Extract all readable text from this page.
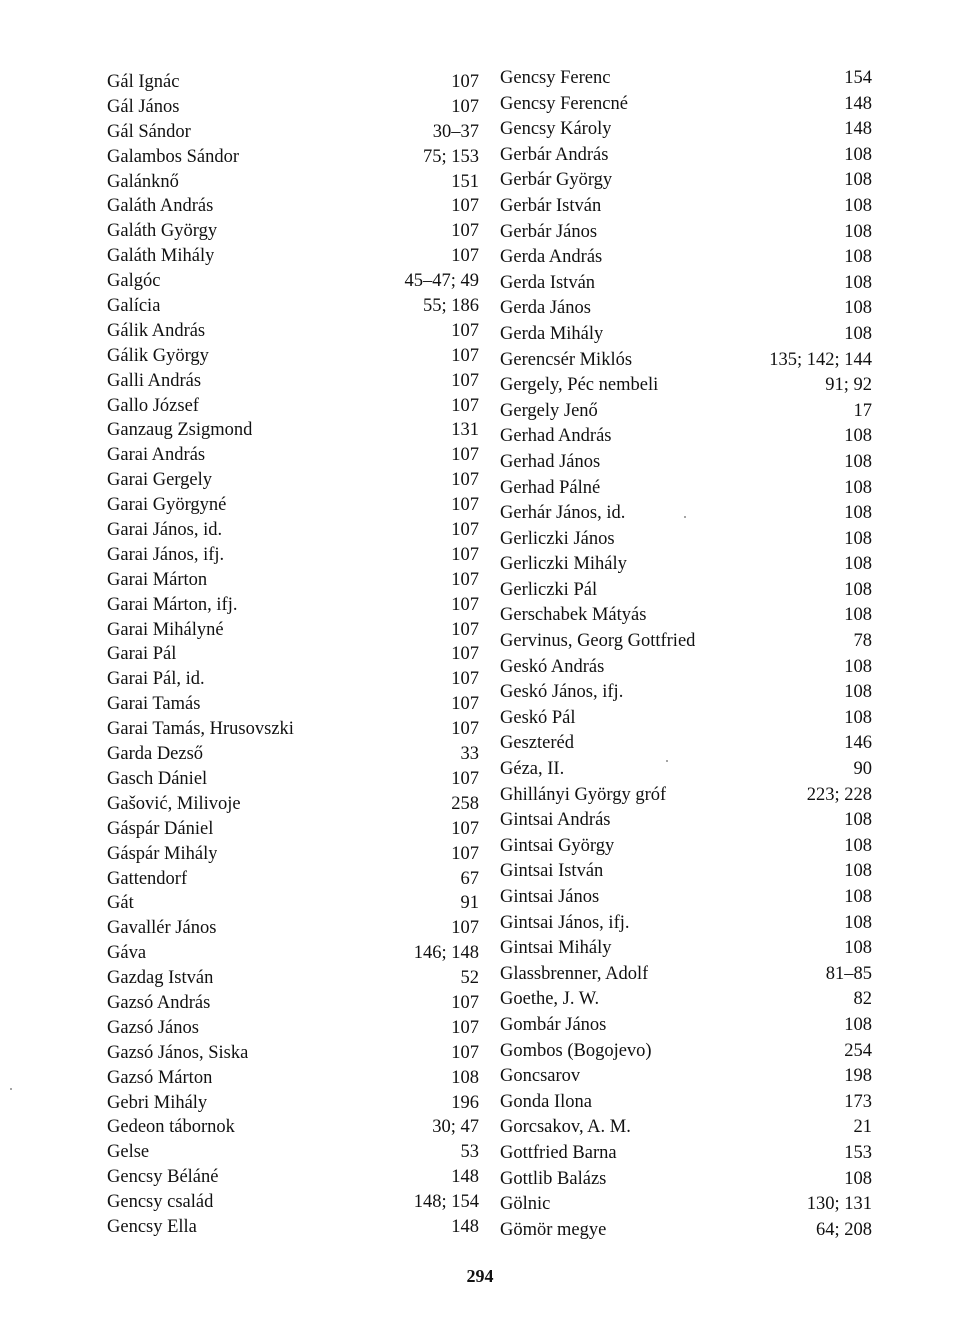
Gál Ignác	107
Gál János	107
Gál Sándor	30–37
Galambos Sándor	75; 153
Galánknő	151
Galáth András	107
Galáth György	107
Galáth Mihály	107
Galgóc	45–47; 49
Galícia	55; 186
Gálik András	107
Gálik György	107
Galli András	107
Gallo József	107
Ganzaug Zsigmond	131
Garai András	107
Garai Gergely	107
Garai Györgyné	107
Garai János, id.	107
Garai János, ifj.	107
Garai Márton	107
Garai Márton, ifj.	107
Garai Mihályné	107
Garai Pál	107
Garai Pál, id.	107
Garai Tamás	107
Garai Tamás, Hrusovszki	107
Garda Dezső	33
Gasch Dániel	107
Gašović, Milivoje	258
Gáspár Dániel	107
Gáspár Mihály	107
Gattendorf	67
Gát	91
Gavallér János	107
Gáva	146; 148
Gazdag István	52
Gazsó András	107
Gazsó János	107
Gazsó János, Siska	107
Gazsó Márton	108
Gebri Mihály	196
Gedeon tábornok	30; 47
Gelse	53
Gencsy Béláné	148
Gencsy család	148; 154
Gencsy Ella	148
Gencsy Ferenc	154
Gencsy Ferencné	148
Gencsy Károly	148
Gerbár András	108
Gerbár György	108
Gerbár István	108
Gerbár János	108
Gerda András	108
Gerda István	108
Gerda János	108
Gerda Mihály	108
Gerencsér Miklós	135; 142; 144
Gergely, Péc nembeli	91; 92
Gergely Jenő	17
Gerhad András	108
Gerhad János	108
Gerhad Pálné	108
Gerhár János, id.	108
Gerliczki János	108
Gerliczki Mihály	108
Gerliczki Pál	108
Gerschabek Mátyás	108
Gervinus, Georg Gottfried	78
Geskó András	108
Geskó János, ifj.	108
Geskó Pál	108
Geszteréd	146
Géza, II.	90
Ghillányi György gróf	223; 228
Gintsai András	108
Gintsai György	108
Gintsai István	108
Gintsai János	108
Gintsai János, ifj.	108
Gintsai Mihály	108
Glassbrenner, Adolf	81–85
Goethe, J. W.	82
Gombár János	108
Gombos (Bogojevo)	254
Goncsarov	198
Gonda Ilona	173
Gorcsakov, A. M.	21
Gottfried Barna	153
Gottlib Balázs	108
Gölnic	130; 131
Gömör megye	64; 208
294
